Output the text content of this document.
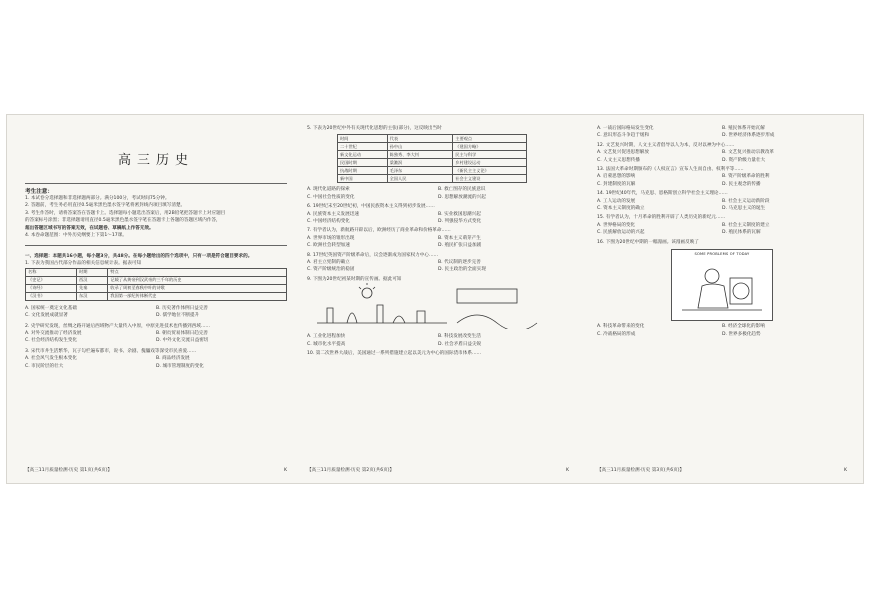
高三历史
考生注意：
1. 本试卷分选择题和非选择题两部分。满分100分，考试时间75分钟。
2. 答题前，考生务必用直径0.5毫米黑色墨水签字笔将密封线内项目填写清楚。
3. 考生作答时，请将答案答在答题卡上。选择题每小题选出答案后，用2B铅笔把答题卡上对应题目
的答案标号涂黑；非选择题请用直径0.5毫米黑色墨水签字笔在答题卡上各题的答题区域内作答，
超出答题区域书写的答案无效，在试题卷、草稿纸上作答无效。
4. 本卷命题范围：中外历史纲要上下第1～17课。
一、选择题：本题共16小题，每小题3分，共48分。在每小题给出的四个选项中，只有一项是符合题目要求的。
1. 下表为我国古代部分作品的相关信息统计表。据表可知
名称	时期	特点
《史记》	西汉	记载了从黄帝到汉武帝约三千年的历史
《诗经》	先秦	收录了周初至春秋中叶的诗歌
《汉书》	东汉	我国第一部纪传体断代史
A. 国家统一奠定文化基础	B. 历史著作体例日益完善
C. 文化发展成就显著	D. 儒学地位不断提升
2. 史学研究发现，丝绸之路开通后西域物产大量传入中原，中原先进技术也传播到西域……
A. 对外交流推动了经济发展	B. 朝贡贸易体制日趋完善
C. 社会经济结构发生变化	D. 中外文化交流日益密切
3. 宋代市井生活繁华，瓦子勾栏遍布都市，说书、杂剧、傀儡戏等深受市民喜爱……
A. 社会风气发生根本变化	B. 商品经济发展
C. 市民阶层的壮大	D. 城市管理制度的变化
【高三11月质量检测·历史 第1页(共6页)】	K
5. 下表为20世纪中外有关现代化思想的主张(部分)，这反映出当时
时间	代表	主要观点
二十世纪	孙中山	《建国方略》
新文化运动	陈独秀、李大钊	民主与科学
民国时期	梁漱溟	乡村建设运动
抗战时期	毛泽东	《新民主主义论》
新中国	全国人民	社会主义建设
A. 现代化道路的探索	B. 救亡图存的民族意识
C. 中国社会性质的变化	D. 思想解放潮流的兴起
6. 19世纪末至20世纪初，中国民族资本主义得到初步发展……
A. 民族资本主义发展迅速	B. 实业救国思潮兴起
C. 中国经济结构变化	D. 列强侵华方式变化
7. 有学者认为，新航路开辟以后，欧洲经历了商业革命和价格革命……
A. 世界市场的雏形出现	B. 资本主义萌芽产生
C. 欧洲社会转型加速	D. 殖民扩张日益加剧
8. 17世纪英国资产阶级革命后，议会逐渐成为国家权力中心……
A. 君主立宪制的确立	B. 代议制的逐步完善
C. 资产阶级统治的稳固	D. 民主政治的全面实现
9. 下图为20世纪初某时期的宣传画。据此可知
A. 工业化进程加快	B. 科技发展改变生活
C. 城市化水平提高	D. 社会矛盾日益尖锐
10. 第二次世界大战后，美国通过一系列措施建立起以美元为中心的国际货币体系……
【高三11月质量检测·历史 第2页(共6页)】	K
A. 一战后国际格局发生变化	B. 殖民体系开始瓦解
C. 意识形态斗争趋于缓和	D. 世界经济体系逐步形成
12. 文艺复兴时期，人文主义者倡导以人为本，反对以神为中心……
A. 文艺复兴促进思想解放	B. 文艺复兴推动宗教改革
C. 人文主义思想传播	D. 资产阶级力量壮大
13. 法国大革命时期颁布的《人权宣言》宣布人生而自由、权利平等……
A. 启蒙思想的影响	B. 资产阶级革命的胜利
C. 封建制度的瓦解	D. 民主观念的传播
14. 19世纪40年代，马克思、恩格斯创立科学社会主义理论……
A. 工人运动的发展	B. 社会主义运动新阶段
C. 资本主义制度的确立	D. 马克思主义的诞生
15. 有学者认为，十月革命的胜利开辟了人类历史的新纪元……
A. 世界格局的变化	B. 社会主义制度的建立
C. 民族解放运动的兴起	D. 殖民体系的瓦解
16. 下图为20世纪中期的一幅漫画。该漫画反映了
SOME PROBLEMS OF TODAY
A. 科技革命带来的变化	B. 经济全球化的影响
C. 冷战格局的形成	D. 世界多极化趋势
【高三11月质量检测·历史 第3页(共6页)】	K
